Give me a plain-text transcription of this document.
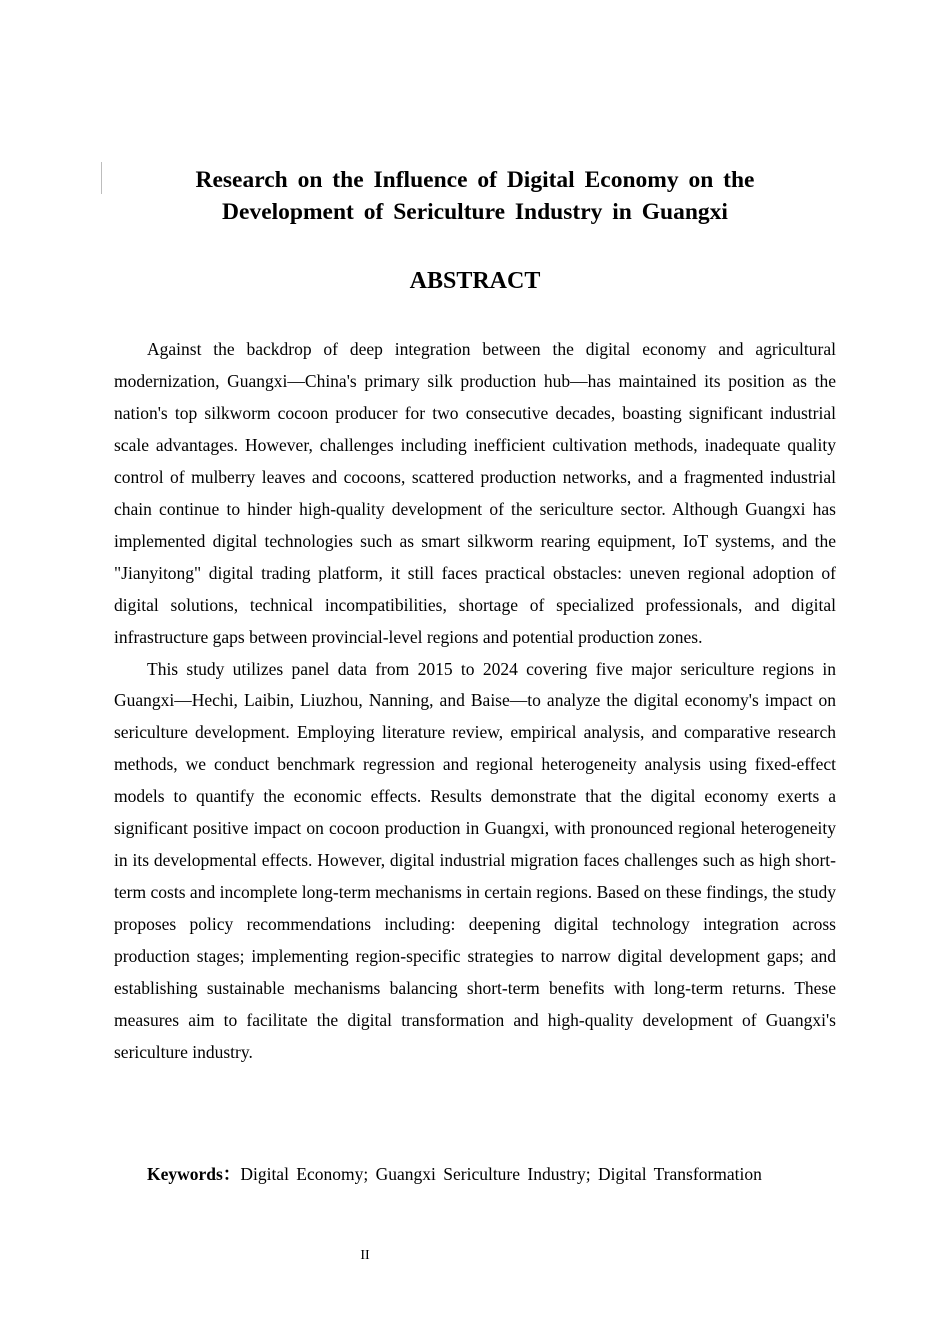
Research on the Influence of Digital Economy on the
Development of Sericulture Industry in Guangxi
ABSTRACT

Against the backdrop of deep integration between the digital economy and agricultural modernization, Guangxi—China's primary silk production hub—has maintained its position as the nation's top silkworm cocoon producer for two consecutive decades, boasting significant industrial scale advantages. However, challenges including inefficient cultivation methods, inadequate quality control of mulberry leaves and cocoons, scattered production networks, and a fragmented industrial chain continue to hinder high-quality development of the sericulture sector. Although Guangxi has implemented digital technologies such as smart silkworm rearing equipment, IoT systems, and the "Jianyitong" digital trading platform, it still faces practical obstacles: uneven regional adoption of digital solutions, technical incompatibilities, shortage of specialized professionals, and digital infrastructure gaps between provincial-level regions and potential production zones.

This study utilizes panel data from 2015 to 2024 covering five major sericulture regions in Guangxi—Hechi, Laibin, Liuzhou, Nanning, and Baise—to analyze the digital economy's impact on sericulture development. Employing literature review, empirical analysis, and comparative research methods, we conduct benchmark regression and regional heterogeneity analysis using fixed-effect models to quantify the economic effects. Results demonstrate that the digital economy exerts a significant positive impact on cocoon production in Guangxi, with pronounced regional heterogeneity in its developmental effects. However, digital industrial migration faces challenges such as high short-term costs and incomplete long-term mechanisms in certain regions. Based on these findings, the study proposes policy recommendations including: deepening digital technology integration across production stages; implementing region-specific strategies to narrow digital development gaps; and establishing sustainable mechanisms balancing short-term benefits with long-term returns. These measures aim to facilitate the digital transformation and high-quality development of Guangxi's sericulture industry.

Keywords：Digital Economy; Guangxi Sericulture Industry; Digital Transformation

II
